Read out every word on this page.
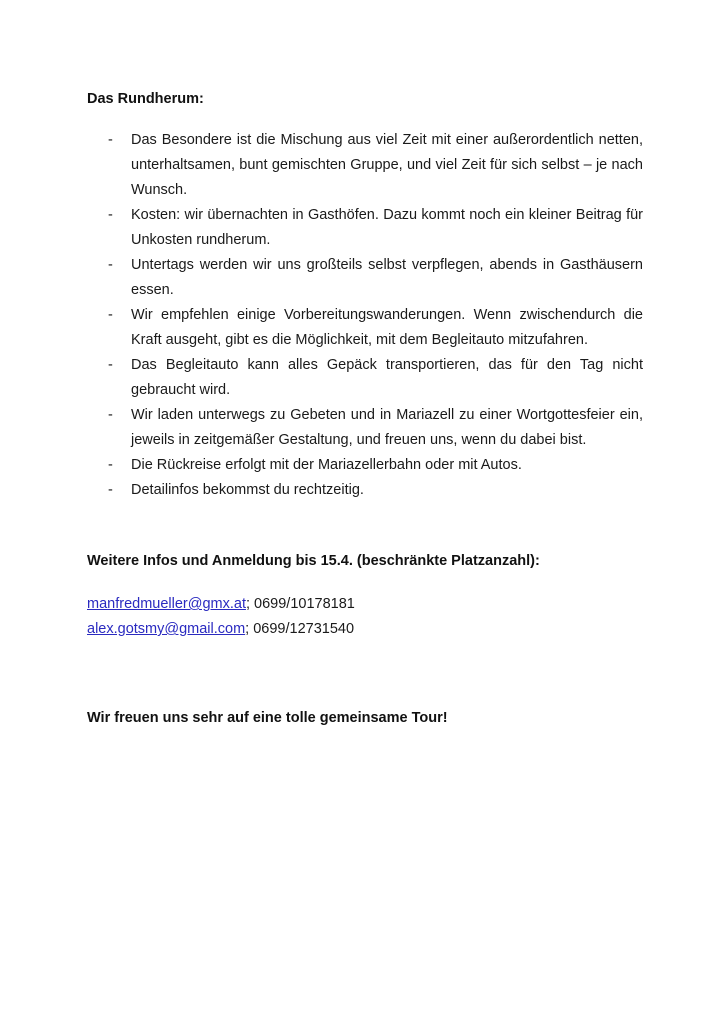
Das Rundherum:
-	Das Besondere ist die Mischung aus viel Zeit mit einer außerordentlich netten, unterhaltsamen, bunt gemischten Gruppe, und viel Zeit für sich selbst – je nach Wunsch.
-	Kosten: wir übernachten in Gasthöfen. Dazu kommt noch ein kleiner Beitrag für Unkosten rundherum.
-	Untertags werden wir uns großteils selbst verpflegen, abends in Gasthäusern essen.
-	Wir empfehlen einige Vorbereitungswanderungen. Wenn zwischendurch die Kraft ausgeht, gibt es die Möglichkeit, mit dem Begleitauto mitzufahren.
-	Das Begleitauto kann alles Gepäck transportieren, das für den Tag nicht gebraucht wird.
-	Wir laden unterwegs zu Gebeten und in Mariazell zu einer Wortgottesfeier ein, jeweils in zeitgemäßer Gestaltung, und freuen uns, wenn du dabei bist.
-	Die Rückreise erfolgt mit der Mariazellerbahn oder mit Autos.
-	Detailinfos bekommst du rechtzeitig.
Weitere Infos und Anmeldung bis 15.4. (beschränkte Platzanzahl):
manfredmueller@gmx.at; 0699/10178181
alex.gotsmy@gmail.com; 0699/12731540
Wir freuen uns sehr auf eine tolle gemeinsame Tour!
